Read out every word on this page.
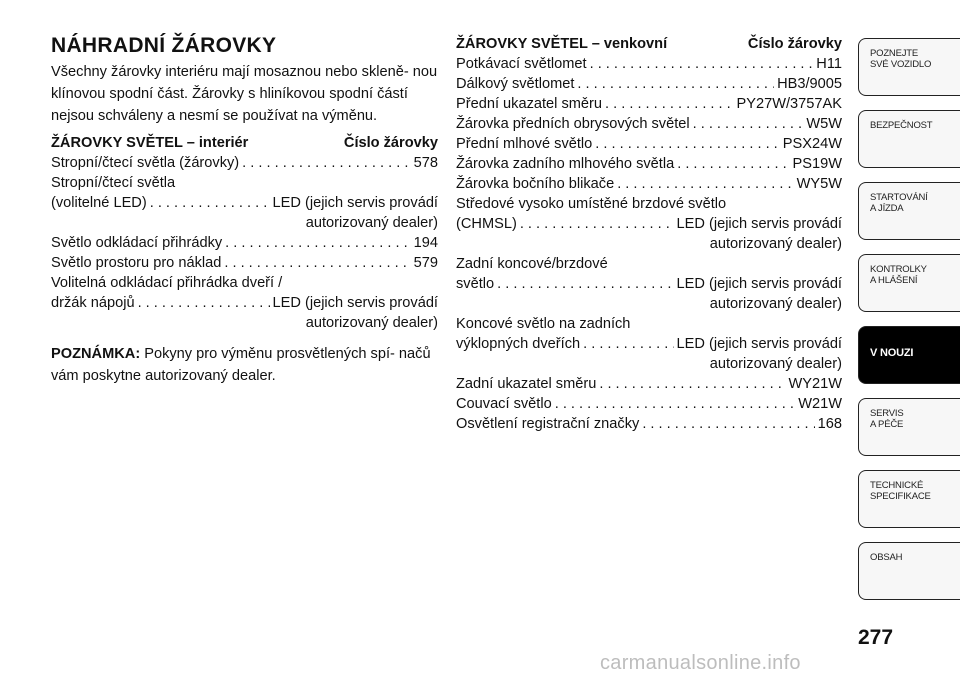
NÁHRADNÍ ŽÁROVKY

Všechny žárovky interiéru mají mosaznou nebo skleně- nou klínovou spodní část. Žárovky s hliníkovou spodní částí nejsou schváleny a nesmí se používat na výměnu.

ŽÁROVKY SVĚTEL – interiér	Číslo žárovky
Stropní/čtecí světla (žárovky) . . .	578
Stropní/čtecí světla
(volitelné LED) . . .	LED (jejich servis provádí
autorizovaný dealer)
Světlo odkládací přihrádky . . .	194
Světlo prostoru pro náklad . . .	579
Volitelná odkládací přihrádka dveří /
držák nápojů . . .	LED (jejich servis provádí
autorizovaný dealer)
POZNÁMKA: Pokyny pro výměnu prosvětlených spí- načů vám poskytne autorizovaný dealer.
ŽÁROVKY SVĚTEL – venkovní	Číslo žárovky
Potkávací světlomet . . .	H11
Dálkový světlomet . . .	HB3/9005
Přední ukazatel směru . . .	PY27W/3757AK
Žárovka předních obrysových světel . . .	W5W
Přední mlhové světlo . . .	PSX24W
Žárovka zadního mlhového světla . . .	PS19W
Žárovka bočního blikače . . .	WY5W
Středové vysoko umístěné brzdové světlo
(CHMSL) . . .	LED (jejich servis provádí
autorizovaný dealer)
Zadní koncové/brzdové
světlo . . .	LED (jejich servis provádí
autorizovaný dealer)
Koncové světlo na zadních
výklopných dveřích . . .	LED (jejich servis provádí
autorizovaný dealer)
Zadní ukazatel směru . . .	WY21W
Couvací světlo . . .	W21W
Osvětlení registrační značky . . .	168
POZNEJTE
SVÉ VOZIDLO
BEZPEČNOST
STARTOVÁNÍ
A JÍZDA
KONTROLKY
A HLÁŠENÍ
V NOUZI
SERVIS
A PÉČE
TECHNICKÉ
SPECIFIKACE
OBSAH
277
carmanualsonline.info
